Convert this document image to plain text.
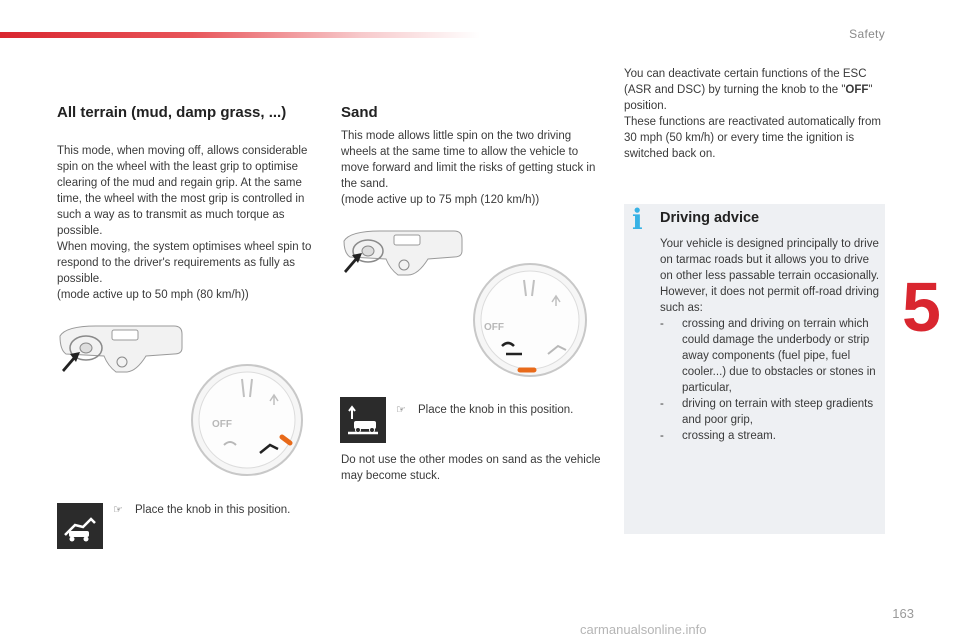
Safety
5
All terrain (mud, damp grass, ...)

This mode, when moving off, allows considerable spin on the wheel with the least grip to optimise clearing of the mud and regain grip. At the same time, the wheel with the most grip is controlled in such a way as to transmit as much torque as possible.

When moving, the system optimises wheel spin to respond to the driver's requirements as fully as possible.

(mode active up to 50 mph (80 km/h))

OFF
☞ Place the knob in this position.
Sand

This mode allows little spin on the two driving wheels at the same time to allow the vehicle to move forward and limit the risks of getting stuck in the sand.

(mode active up to 75 mph (120 km/h))

OFF
☞ Place the knob in this position.
Do not use the other modes on sand as the vehicle may become stuck.

You can deactivate certain functions of the ESC (ASR and DSC) by turning the knob to the "OFF" position.

These functions are reactivated automatically from 30 mph (50 km/h) or every time the ignition is switched back on.

i Driving advice

Your vehicle is designed principally to drive on tarmac roads but it allows you to drive on other less passable terrain occasionally.

However, it does not permit off-road driving such as:

-	crossing and driving on terrain which could damage the underbody or strip away components (fuel pipe, fuel cooler...) due to obstacles or stones in particular,
-	driving on terrain with steep gradients and poor grip,
-	crossing a stream.
carmanualsonline.info
163
